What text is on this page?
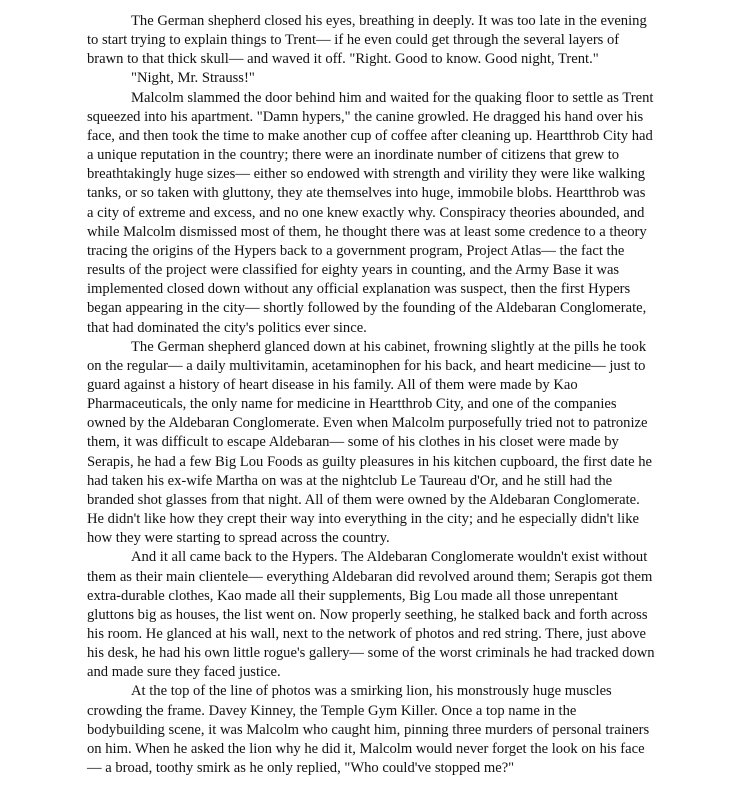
The German shepherd closed his eyes, breathing in deeply. It was too late in the evening to start trying to explain things to Trent— if he even could get through the several layers of brawn to that thick skull— and waved it off. "Right. Good to know. Good night, Trent."

"Night, Mr. Strauss!"

Malcolm slammed the door behind him and waited for the quaking floor to settle as Trent squeezed into his apartment. "Damn hypers," the canine growled. He dragged his hand over his face, and then took the time to make another cup of coffee after cleaning up. Heartthrob City had a unique reputation in the country; there were an inordinate number of citizens that grew to breathtakingly huge sizes— either so endowed with strength and virility they were like walking tanks, or so taken with gluttony, they ate themselves into huge, immobile blobs. Heartthrob was a city of extreme and excess, and no one knew exactly why. Conspiracy theories abounded, and while Malcolm dismissed most of them, he thought there was at least some credence to a theory tracing the origins of the Hypers back to a government program, Project Atlas— the fact the results of the project were classified for eighty years in counting, and the Army Base it was implemented closed down without any official explanation was suspect, then the first Hypers began appearing in the city— shortly followed by the founding of the Aldebaran Conglomerate, that had dominated the city's politics ever since.

The German shepherd glanced down at his cabinet, frowning slightly at the pills he took on the regular— a daily multivitamin, acetaminophen for his back, and heart medicine— just to guard against a history of heart disease in his family. All of them were made by Kao Pharmaceuticals, the only name for medicine in Heartthrob City, and one of the companies owned by the Aldebaran Conglomerate. Even when Malcolm purposefully tried not to patronize them, it was difficult to escape Aldebaran— some of his clothes in his closet were made by Serapis, he had a few Big Lou Foods as guilty pleasures in his kitchen cupboard, the first date he had taken his ex-wife Martha on was at the nightclub Le Taureau d'Or, and he still had the branded shot glasses from that night. All of them were owned by the Aldebaran Conglomerate. He didn't like how they crept their way into everything in the city; and he especially didn't like how they were starting to spread across the country.

And it all came back to the Hypers. The Aldebaran Conglomerate wouldn't exist without them as their main clientele— everything Aldebaran did revolved around them; Serapis got them extra-durable clothes, Kao made all their supplements, Big Lou made all those unrepentant gluttons big as houses, the list went on. Now properly seething, he stalked back and forth across his room. He glanced at his wall, next to the network of photos and red string. There, just above his desk, he had his own little rogue's gallery— some of the worst criminals he had tracked down and made sure they faced justice.

At the top of the line of photos was a smirking lion, his monstrously huge muscles crowding the frame. Davey Kinney, the Temple Gym Killer. Once a top name in the bodybuilding scene, it was Malcolm who caught him, pinning three murders of personal trainers on him. When he asked the lion why he did it, Malcolm would never forget the look on his face— a broad, toothy smirk as he only replied, "Who could've stopped me?"
